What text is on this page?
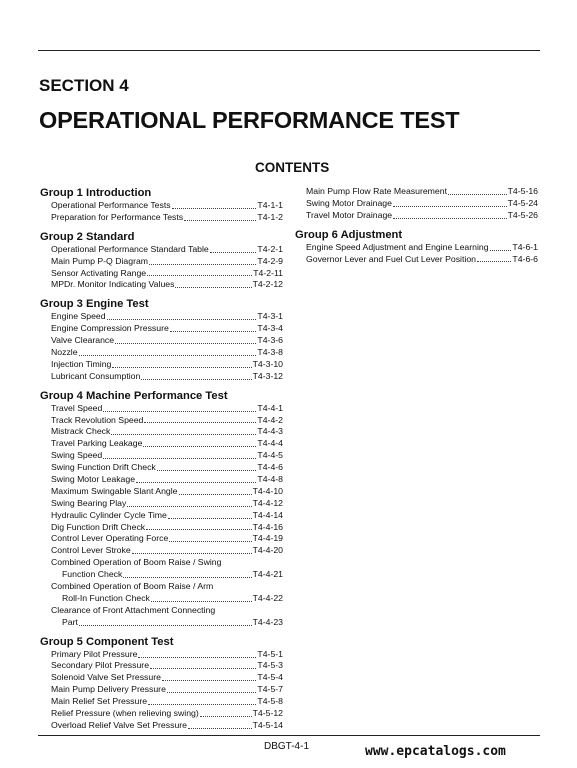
SECTION 4
OPERATIONAL PERFORMANCE TEST
CONTENTS
Group 1 Introduction
Operational Performance Tests	T4-1-1
Preparation for Performance Tests	T4-1-2
Group 2 Standard
Operational Performance Standard Table	T4-2-1
Main Pump P-Q Diagram	T4-2-9
Sensor Activating Range	T4-2-11
MPDr. Monitor Indicating Values	T4-2-12
Group 3 Engine Test
Engine Speed	T4-3-1
Engine Compression Pressure	T4-3-4
Valve Clearance	T4-3-6
Nozzle	T4-3-8
Injection Timing	T4-3-10
Lubricant Consumption	T4-3-12
Group 4 Machine Performance Test
Travel Speed	T4-4-1
Track Revolution Speed	T4-4-2
Mistrack Check	T4-4-3
Travel Parking Leakage	T4-4-4
Swing Speed	T4-4-5
Swing Function Drift Check	T4-4-6
Swing Motor Leakage	T4-4-8
Maximum Swingable Slant Angle	T4-4-10
Swing Bearing Play	T4-4-12
Hydraulic Cylinder Cycle Time	T4-4-14
Dig Function Drift Check	T4-4-16
Control Lever Operating Force	T4-4-19
Control Lever Stroke	T4-4-20
Combined Operation of Boom Raise / Swing
Function Check	T4-4-21
Combined Operation of Boom Raise / Arm
Roll-In Function Check	T4-4-22
Clearance of Front Attachment Connecting
Part	T4-4-23
Group 5 Component Test
Primary Pilot Pressure	T4-5-1
Secondary Pilot Pressure	T4-5-3
Solenoid Valve Set Pressure	T4-5-4
Main Pump Delivery Pressure	T4-5-7
Main Relief Set Pressure	T4-5-8
Relief Pressure (when relieving swing)	T4-5-12
Overload Relief Valve Set Pressure	T4-5-14
Main Pump Flow Rate Measurement	T4-5-16
Swing Motor Drainage	T4-5-24
Travel Motor Drainage	T4-5-26
Group 6 Adjustment
Engine Speed Adjustment and Engine Learning	T4-6-1
Governor Lever and Fuel Cut Lever Position	T4-6-6
DBGT-4-1	www.epcatalogs.com
